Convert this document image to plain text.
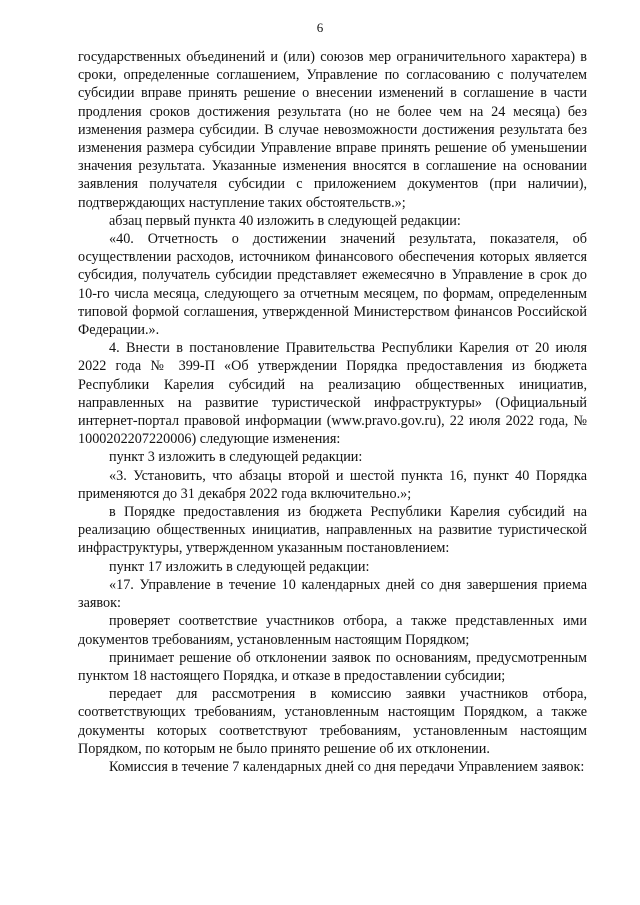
6

государственных объединений и (или) союзов мер ограничительного характера) в сроки, определенные соглашением, Управление по согласованию с получателем субсидии вправе принять решение о внесении изменений в соглашение в части продления сроков достижения результата (но не более чем на 24 месяца) без изменения размера субсидии. В случае невозможности достижения результата без изменения размера субсидии Управление вправе принять решение об уменьшении значения результата. Указанные изменения вносятся в соглашение на основании заявления получателя субсидии с приложением документов (при наличии), подтверждающих наступление таких обстоятельств.»;

абзац первый пункта 40 изложить в следующей редакции:

«40. Отчетность о достижении значений результата, показателя, об осуществлении расходов, источником финансового обеспечения которых является субсидия, получатель субсидии представляет ежемесячно в Управление в срок до 10-го числа месяца, следующего за отчетным месяцем, по формам, определенным типовой формой соглашения, утвержденной Министерством финансов Российской Федерации.».

4. Внести в постановление Правительства Республики Карелия от 20 июля 2022 года № 399-П «Об утверждении Порядка предоставления из бюджета Республики Карелия субсидий на реализацию общественных инициатив, направленных на развитие туристической инфраструктуры» (Официальный интернет-портал правовой информации (www.pravo.gov.ru), 22 июля 2022 года, № 1000202207220006) следующие изменения:

пункт 3 изложить в следующей редакции:

«3. Установить, что абзацы второй и шестой пункта 16, пункт 40 Порядка применяются до 31 декабря 2022 года включительно.»;

в Порядке предоставления из бюджета Республики Карелия субсидий на реализацию общественных инициатив, направленных на развитие туристической инфраструктуры, утвержденном указанным постановлением:

пункт 17 изложить в следующей редакции:

«17. Управление в течение 10 календарных дней со дня завершения приема заявок:

проверяет соответствие участников отбора, а также представленных ими документов требованиям, установленным настоящим Порядком;

принимает решение об отклонении заявок по основаниям, предусмотренным пунктом 18 настоящего Порядка, и отказе в предоставлении субсидии;

передает для рассмотрения в комиссию заявки участников отбора, соответствующих требованиям, установленным настоящим Порядком, а также документы которых соответствуют требованиям, установленным настоящим Порядком, по которым не было принято решение об их отклонении.

Комиссия в течение 7 календарных дней со дня передачи Управлением заявок:
